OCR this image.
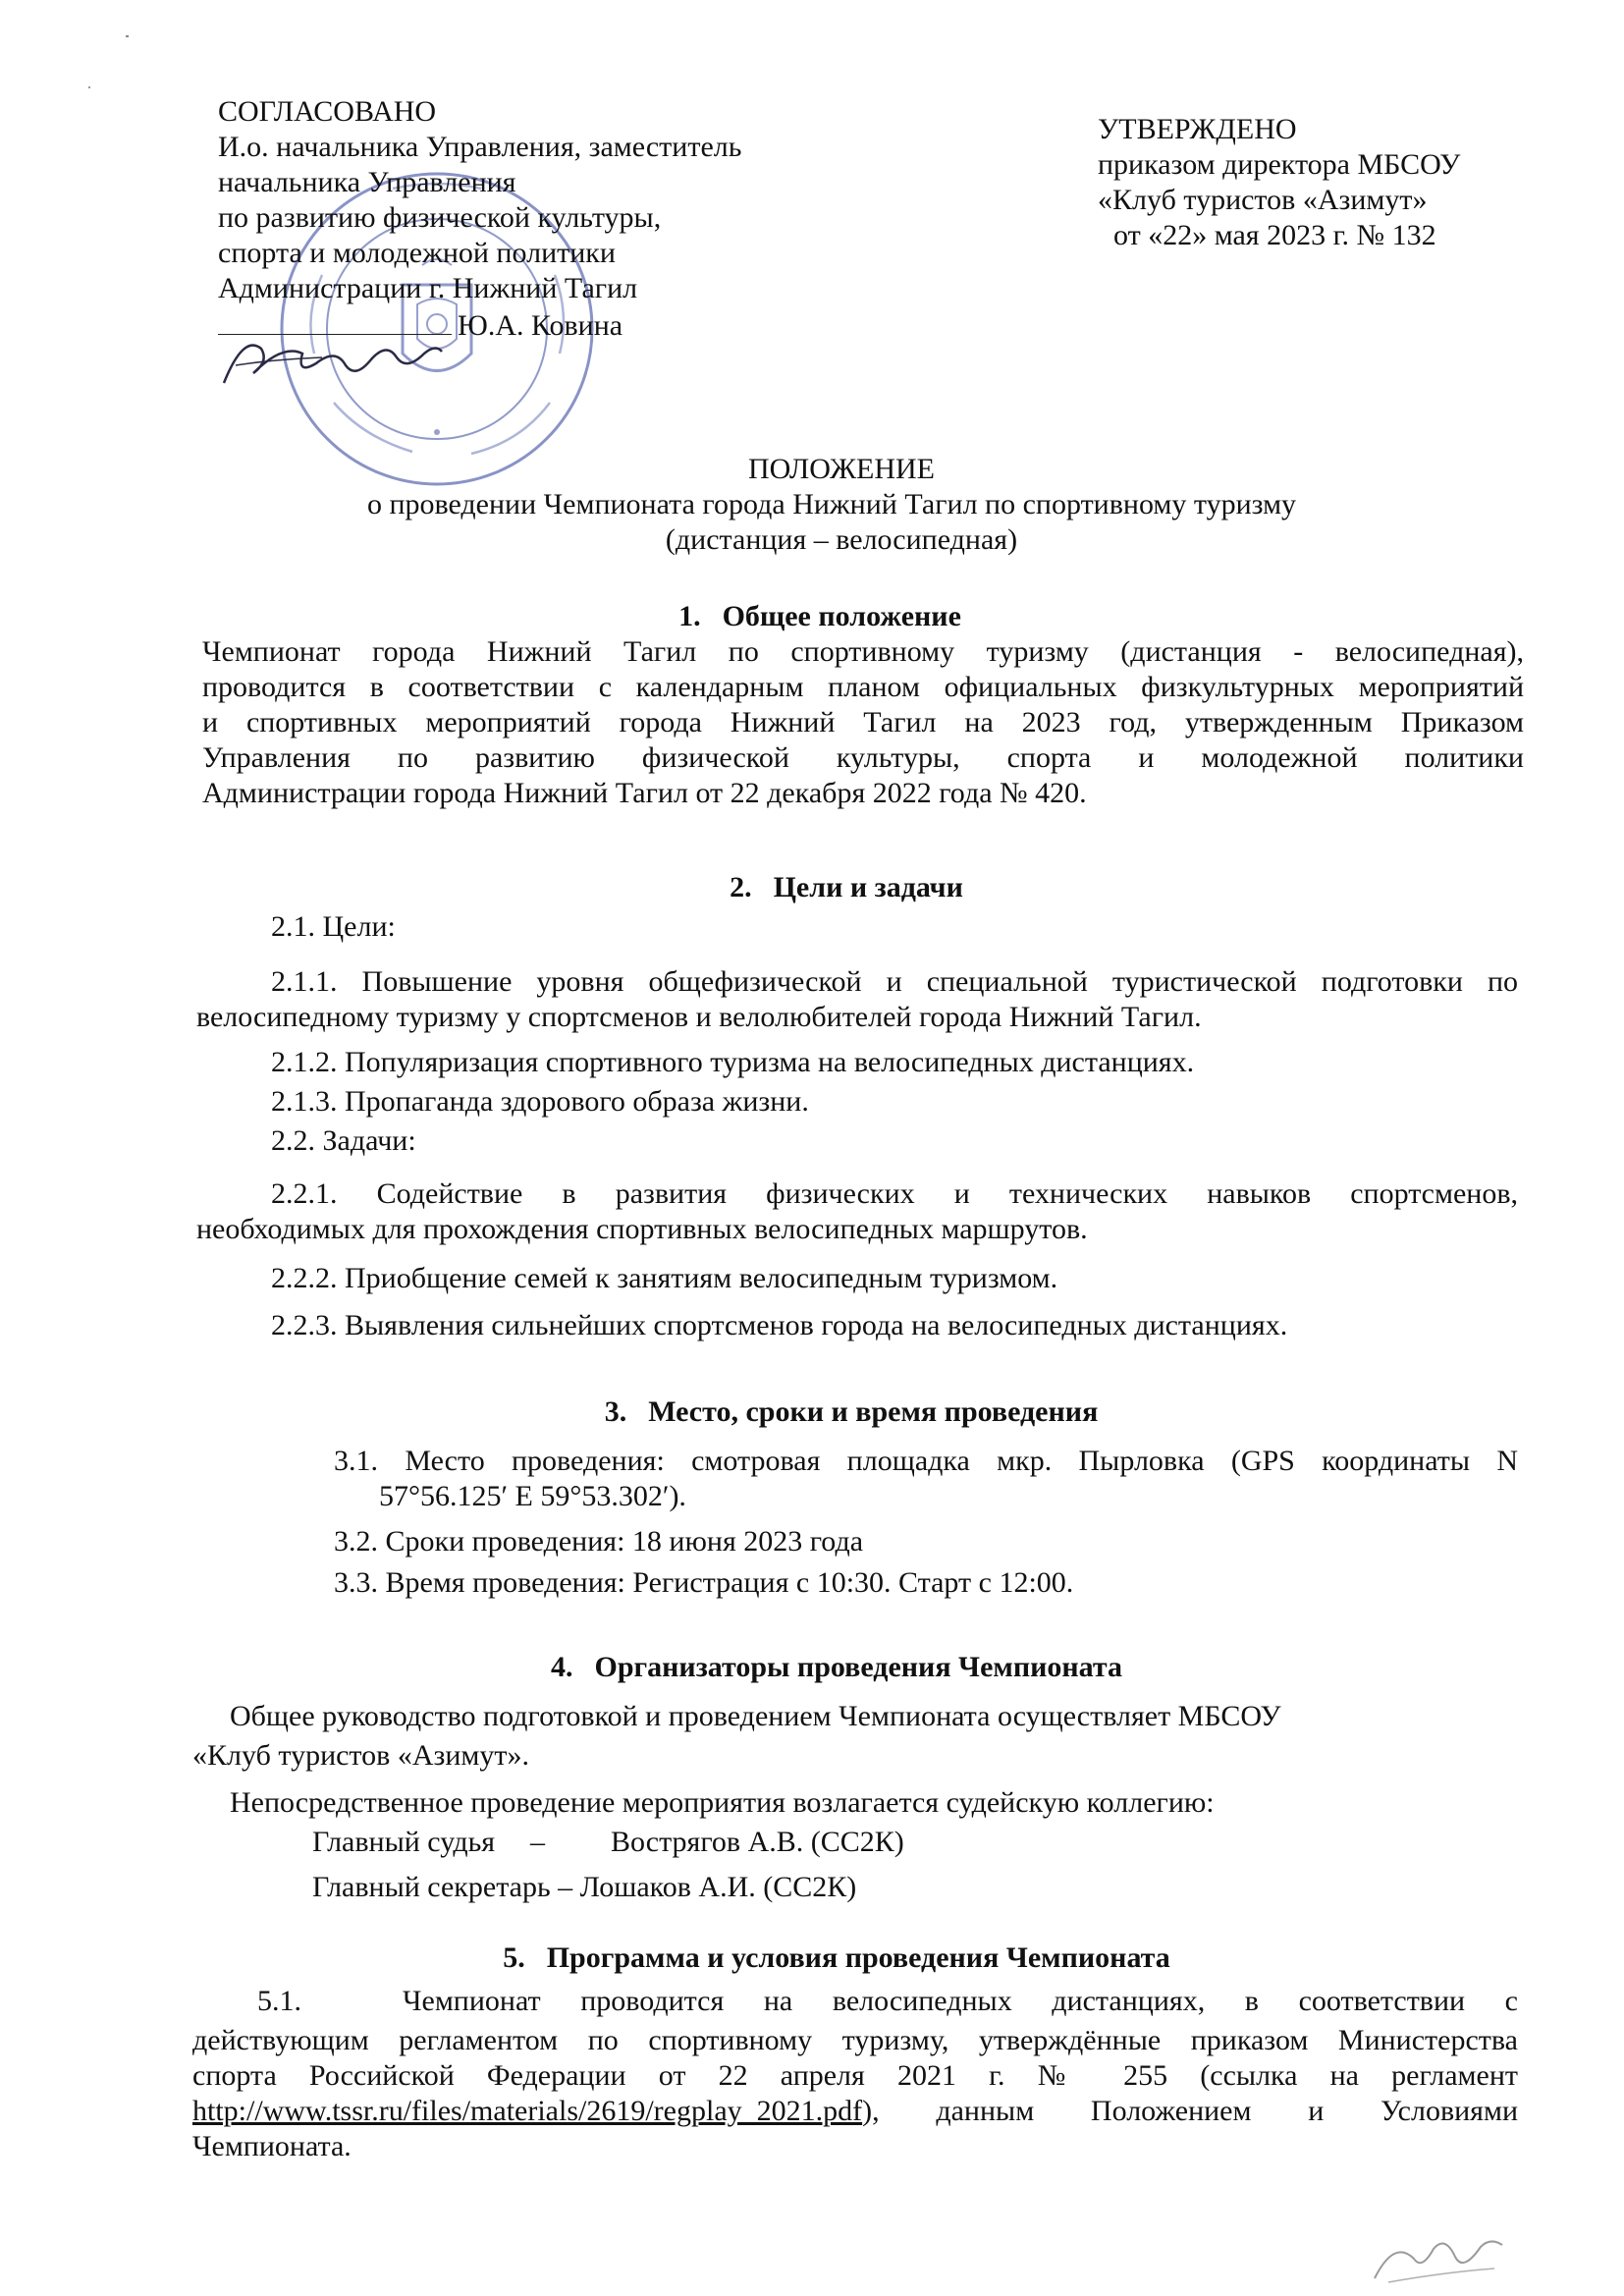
СОГЛАСОВАНО
И.о. начальника Управления, заместитель
начальника Управления
по развитию физической культуры,
спорта и молодежной политики
Администрации г. Нижний Тагил
Ю.А. Ковина
УТВЕРЖДЕНО
приказом директора МБСОУ
«Клуб туристов «Азимут»
от «22» мая 2023 г. № 132
ПОЛОЖЕНИЕ
о проведении Чемпионата города Нижний Тагил по спортивному туризму
(дистанция – велосипедная)
1. Общее положение
Чемпионат города Нижний Тагил по спортивному туризму (дистанция - велосипедная),
проводится в соответствии с календарным планом официальных физкультурных мероприятий
и спортивных мероприятий города Нижний Тагил на 2023 год, утвержденным Приказом
Управления по развитию физической культуры, спорта и молодежной политики
Администрации города Нижний Тагил от 22 декабря 2022 года № 420.
2. Цели и задачи
2.1. Цели:
2.1.1. Повышение уровня общефизической и специальной туристической подготовки по
велосипедному туризму у спортсменов и велолюбителей города Нижний Тагил.
2.1.2. Популяризация спортивного туризма на велосипедных дистанциях.
2.1.3. Пропаганда здорового образа жизни.
2.2. Задачи:
2.2.1. Содействие в развития физических и технических навыков спортсменов,
необходимых для прохождения спортивных велосипедных маршрутов.
2.2.2. Приобщение семей к занятиям велосипедным туризмом.
2.2.3. Выявления сильнейших спортсменов города на велосипедных дистанциях.
3. Место, сроки и время проведения
3.1. Место проведения: смотровая площадка мкр. Пырловка (GPS координаты N
57°56.125′ E 59°53.302′).
3.2. Сроки проведения: 18 июня 2023 года
3.3. Время проведения: Регистрация с 10:30. Старт с 12:00.
4. Организаторы проведения Чемпионата
Общее руководство подготовкой и проведением Чемпионата осуществляет МБСОУ
«Клуб туристов «Азимут».
Непосредственное проведение мероприятия возлагается судейскую коллегию:
Главный судья – Вострягов А.В. (СС2К)
Главный секретарь – Лошаков А.И. (СС2К)
5. Программа и условия проведения Чемпионата
5.1.	Чемпионат проводится на велосипедных дистанциях, в соответствии с
действующим регламентом по спортивному туризму, утверждённые приказом Министерства
спорта Российской Федерации от 22 апреля 2021 г. № 255 (ссылка на регламент
http://www.tssr.ru/files/materials/2619/regplay_2021.pdf), данным Положением и Условиями
Чемпионата.
